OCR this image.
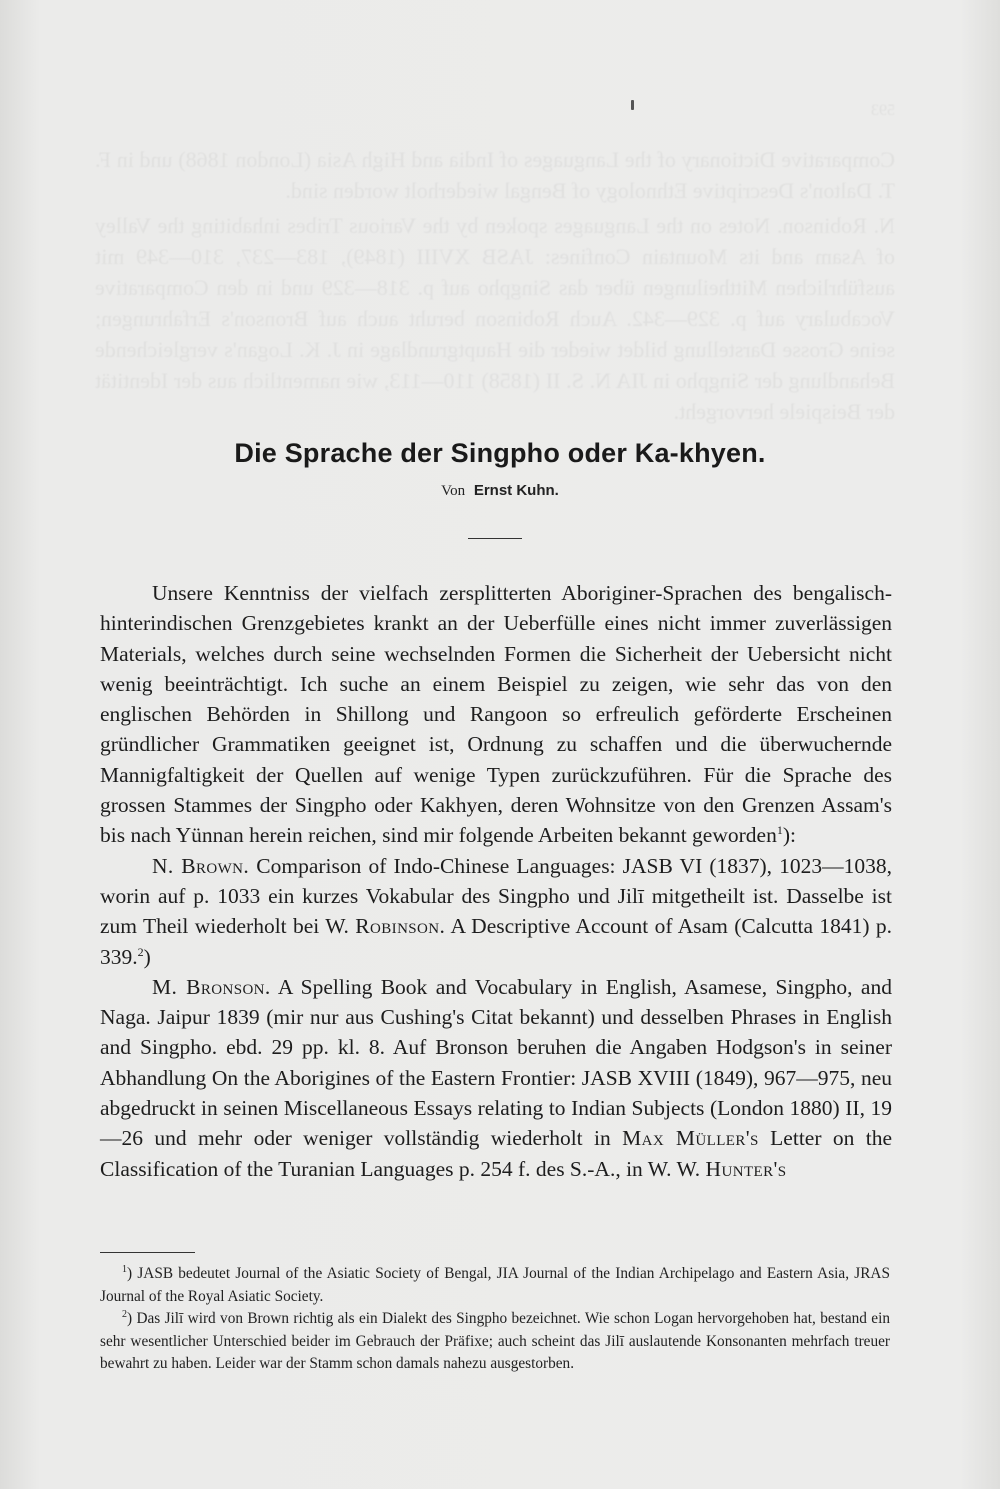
593

Comparative Dictionary of the Languages of India and High Asia (London 1868) und in F. T. Dalton's Descriptive Ethnology of Bengal wiederholt worden sind.

N. Robinson. Notes on the Languages spoken by the Various Tribes inhabiting the Valley of Asam and its Mountain Confines: JASB XVIII (1849), 183—237, 310—349 mit ausführlichen Mittheilungen über das Singpho auf p. 318—329 und in den Comparative Vocabulary auf p. 329—342. Auch Robinson beruht auch auf Bronson's Erfahrungen; seine Grosse Darstellung bildet wieder die Hauptgrundlage in J. K. Logan's vergleichende Behandlung der Singpho in JIA N. S. II (1858) 110—113, wie namentlich aus der Identität der Beispiele hervorgeht.

Die Sprache der Singpho oder Ka-khyen.
Von Ernst Kuhn.

Unsere Kenntniss der vielfach zersplitterten Aboriginer-Sprachen des bengalisch-hinterindischen Grenzgebietes krankt an der Ueberfülle eines nicht immer zuverlässigen Materials, welches durch seine wechselnden Formen die Sicherheit der Uebersicht nicht wenig beeinträchtigt. Ich suche an einem Beispiel zu zeigen, wie sehr das von den englischen Behörden in Shillong und Rangoon so erfreulich geförderte Erscheinen gründlicher Grammatiken geeignet ist, Ordnung zu schaffen und die überwuchernde Mannigfaltigkeit der Quellen auf wenige Typen zurückzuführen. Für die Sprache des grossen Stammes der Singpho oder Kakhyen, deren Wohnsitze von den Grenzen Assam's bis nach Yünnan herein reichen, sind mir folgende Arbeiten bekannt geworden$^1$):

N. Brown. Comparison of Indo-Chinese Languages: JASB VI (1837), 1023—1038, worin auf p. 1033 ein kurzes Vokabular des Singpho und Jilī mitgetheilt ist. Dasselbe ist zum Theil wiederholt bei W. Robinson. A Descriptive Account of Asam (Calcutta 1841) p. 339.$^2$)

M. Bronson. A Spelling Book and Vocabulary in English, Asamese, Singpho, and Naga. Jaipur 1839 (mir nur aus Cushing's Citat bekannt) und desselben Phrases in English and Singpho. ebd. 29 pp. kl. 8. Auf Bronson beruhen die Angaben Hodgson's in seiner Abhandlung On the Aborigines of the Eastern Frontier: JASB XVIII (1849), 967—975, neu abgedruckt in seinen Miscellaneous Essays relating to Indian Subjects (London 1880) II, 19—26 und mehr oder weniger vollständig wiederholt in Max Müller's Letter on the Classification of the Turanian Languages p. 254 f. des S.-A., in W. W. Hunter's

$^1$) JASB bedeutet Journal of the Asiatic Society of Bengal, JIA Journal of the Indian Archipelago and Eastern Asia, JRAS Journal of the Royal Asiatic Society.

$^2$) Das Jilī wird von Brown richtig als ein Dialekt des Singpho bezeichnet. Wie schon Logan hervorgehoben hat, bestand ein sehr wesentlicher Unterschied beider im Gebrauch der Präfixe; auch scheint das Jilī auslautende Konsonanten mehrfach treuer bewahrt zu haben. Leider war der Stamm schon damals nahezu ausgestorben.
